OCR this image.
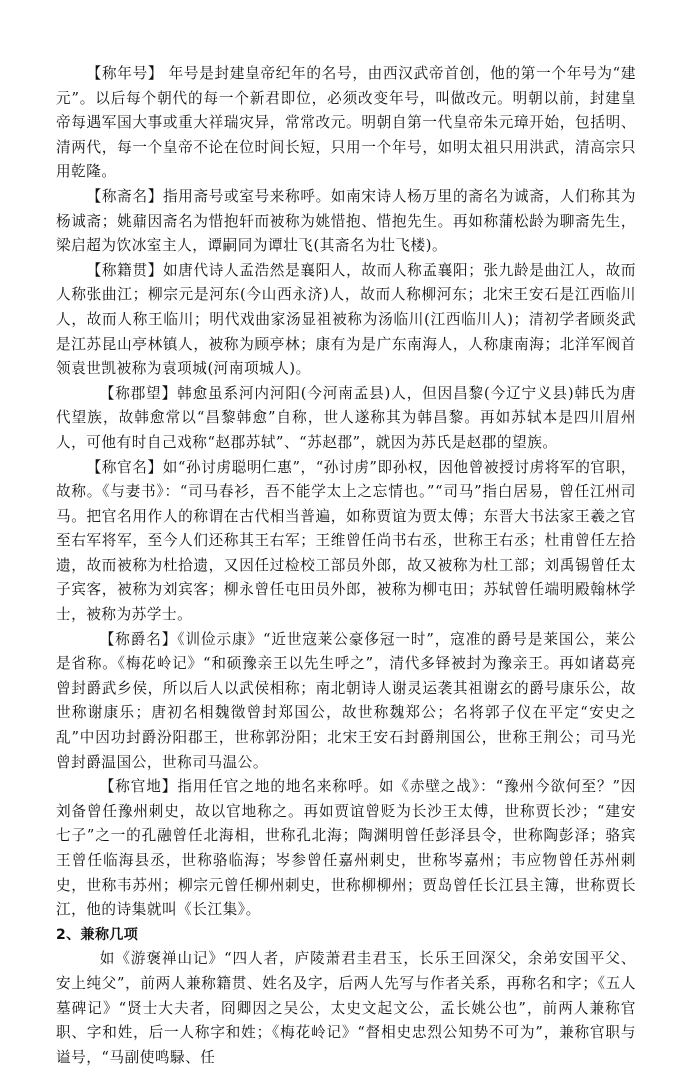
【称年号】 年号是封建皇帝纪年的名号，由西汉武帝首创，他的第一个年号为“建元”。以后每个朝代的每一个新君即位，必须改变年号，叫做改元。明朝以前，封建皇帝每遇军国大事或重大祥瑞灾异，常常改元。明朝自第一代皇帝朱元璋开始，包括明、清两代，每一个皇帝不论在位时间长短，只用一个年号，如明太祖只用洪武，清高宗只用乾隆。

【称斋名】指用斋号或室号来称呼。如南宋诗人杨万里的斋名为诚斋，人们称其为杨诚斋；姚鼐因斋名为惜抱轩而被称为姚惜抱、惜抱先生。再如称蒲松龄为聊斋先生，梁启超为饮冰室主人，谭嗣同为谭壮飞(其斋名为壮飞楼)。

【称籍贯】如唐代诗人孟浩然是襄阳人，故而人称孟襄阳；张九龄是曲江人，故而人称张曲江；柳宗元是河东(今山西永济)人，故而人称柳河东；北宋王安石是江西临川人，故而人称王临川；明代戏曲家汤显祖被称为汤临川(江西临川人)；清初学者顾炎武是江苏昆山亭林镇人，被称为顾亭林；康有为是广东南海人，人称康南海；北洋军阀首领袁世凯被称为袁项城(河南项城人)。

【称郡望】韩愈虽系河内河阳(今河南孟县)人，但因昌黎(今辽宁义县)韩氏为唐代望族，故韩愈常以“昌黎韩愈”自称，世人遂称其为韩昌黎。再如苏轼本是四川眉州人，可他有时自己戏称“赵郡苏轼”、“苏赵郡”，就因为苏氏是赵郡的望族。

【称官名】如“孙讨虏聪明仁惠”，“孙讨虏”即孙权，因他曾被授讨虏将军的官职，故称。《与妻书》：“司马春衫，吾不能学太上之忘情也。”“司马”指白居易，曾任江州司马。把官名用作人的称谓在古代相当普遍，如称贾谊为贾太傅；东晋大书法家王羲之官至右军将军，至今人们还称其王右军；王维曾任尚书右丞，世称王右丞；杜甫曾任左拾遗，故而被称为杜拾遗，又因任过检校工部员外郎，故又被称为杜工部；刘禹锡曾任太子宾客，被称为刘宾客；柳永曾任屯田员外郎，被称为柳屯田；苏轼曾任端明殿翰林学士，被称为苏学士。

【称爵名】《训俭示康》“近世寇莱公豪侈冠一时”，寇准的爵号是莱国公，莱公是省称。《梅花岭记》“和硕豫亲王以先生呼之”，清代多铎被封为豫亲王。再如诸葛亮曾封爵武乡侯，所以后人以武侯相称；南北朝诗人谢灵运袭其祖谢玄的爵号康乐公，故世称谢康乐；唐初名相魏徵曾封郑国公，故世称魏郑公；名将郭子仪在平定“安史之乱”中因功封爵汾阳郡王，世称郭汾阳；北宋王安石封爵荆国公，世称王荆公；司马光曾封爵温国公，世称司马温公。

【称官地】指用任官之地的地名来称呼。如《赤壁之战》：“豫州今欲何至？”因刘备曾任豫州刺史，故以官地称之。再如贾谊曾贬为长沙王太傅，世称贾长沙；“建安七子”之一的孔融曾任北海相，世称孔北海；陶渊明曾任彭泽县令，世称陶彭泽；骆宾王曾任临海县丞，世称骆临海；岑参曾任嘉州刺史，世称岑嘉州；韦应物曾任苏州刺史，世称韦苏州；柳宗元曾任柳州刺史，世称柳柳州；贾岛曾任长江县主簿，世称贾长江，他的诗集就叫《长江集》。

2、兼称几项

如《游褒禅山记》“四人者，庐陵萧君圭君玉，长乐王回深父，余弟安国平父、安上纯父”，前两人兼称籍贯、姓名及字，后两人先写与作者关系，再称名和字；《五人墓碑记》“贤士大夫者，冏卿因之吴公，太史文起文公，孟长姚公也”，前两人兼称官职、字和姓，后一人称字和姓；《梅花岭记》“督相史忠烈公知势不可为”，兼称官职与谥号，“马副使鸣騄、任
